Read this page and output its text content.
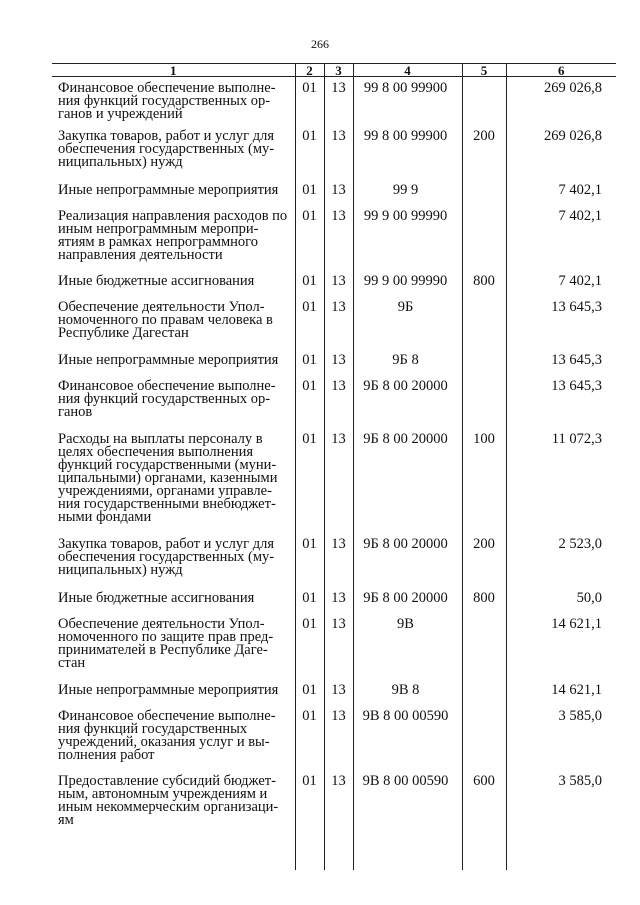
266
1	2	3	4	5	6
Финансовое обеспечение выполне-ния функций государственных ор-ганов и учреждений	01	13	99 8 00 99900		269 026,8
Закупка товаров, работ и услуг для обеспечения государственных (му-ниципальных) нужд	01	13	99 8 00 99900	200	269 026,8
Иные непрограммные мероприятия	01	13	99 9		7 402,1
Реализация направления расходов по иным непрограммным меропри-ятиям в рамках непрограммного направления деятельности	01	13	99 9 00 99990		7 402,1
Иные бюджетные ассигнования	01	13	99 9 00 99990	800	7 402,1
Обеспечение деятельности Упол-номоченного по правам человека в Республике Дагестан	01	13	9Б		13 645,3
Иные непрограммные мероприятия	01	13	9Б 8		13 645,3
Финансовое обеспечение выполне-ния функций государственных ор-ганов	01	13	9Б 8 00 20000		13 645,3
Расходы на выплаты персоналу в целях обеспечения выполнения функций государственными (муни-ципальными) органами, казенными учреждениями, органами управле-ния государственными внебюджет-ными фондами	01	13	9Б 8 00 20000	100	11 072,3
Закупка товаров, работ и услуг для обеспечения государственных (му-ниципальных) нужд	01	13	9Б 8 00 20000	200	2 523,0
Иные бюджетные ассигнования	01	13	9Б 8 00 20000	800	50,0
Обеспечение деятельности Упол-номоченного по защите прав пред-принимателей в Республике Даге-стан	01	13	9В		14 621,1
Иные непрограммные мероприятия	01	13	9В 8		14 621,1
Финансовое обеспечение выполне-ния функций государственных учреждений, оказания услуг и вы-полнения работ	01	13	9В 8 00 00590		3 585,0
Предоставление субсидий бюджет-ным, автономным учреждениям и иным некоммерческим организаци-ям	01	13	9В 8 00 00590	600	3 585,0
